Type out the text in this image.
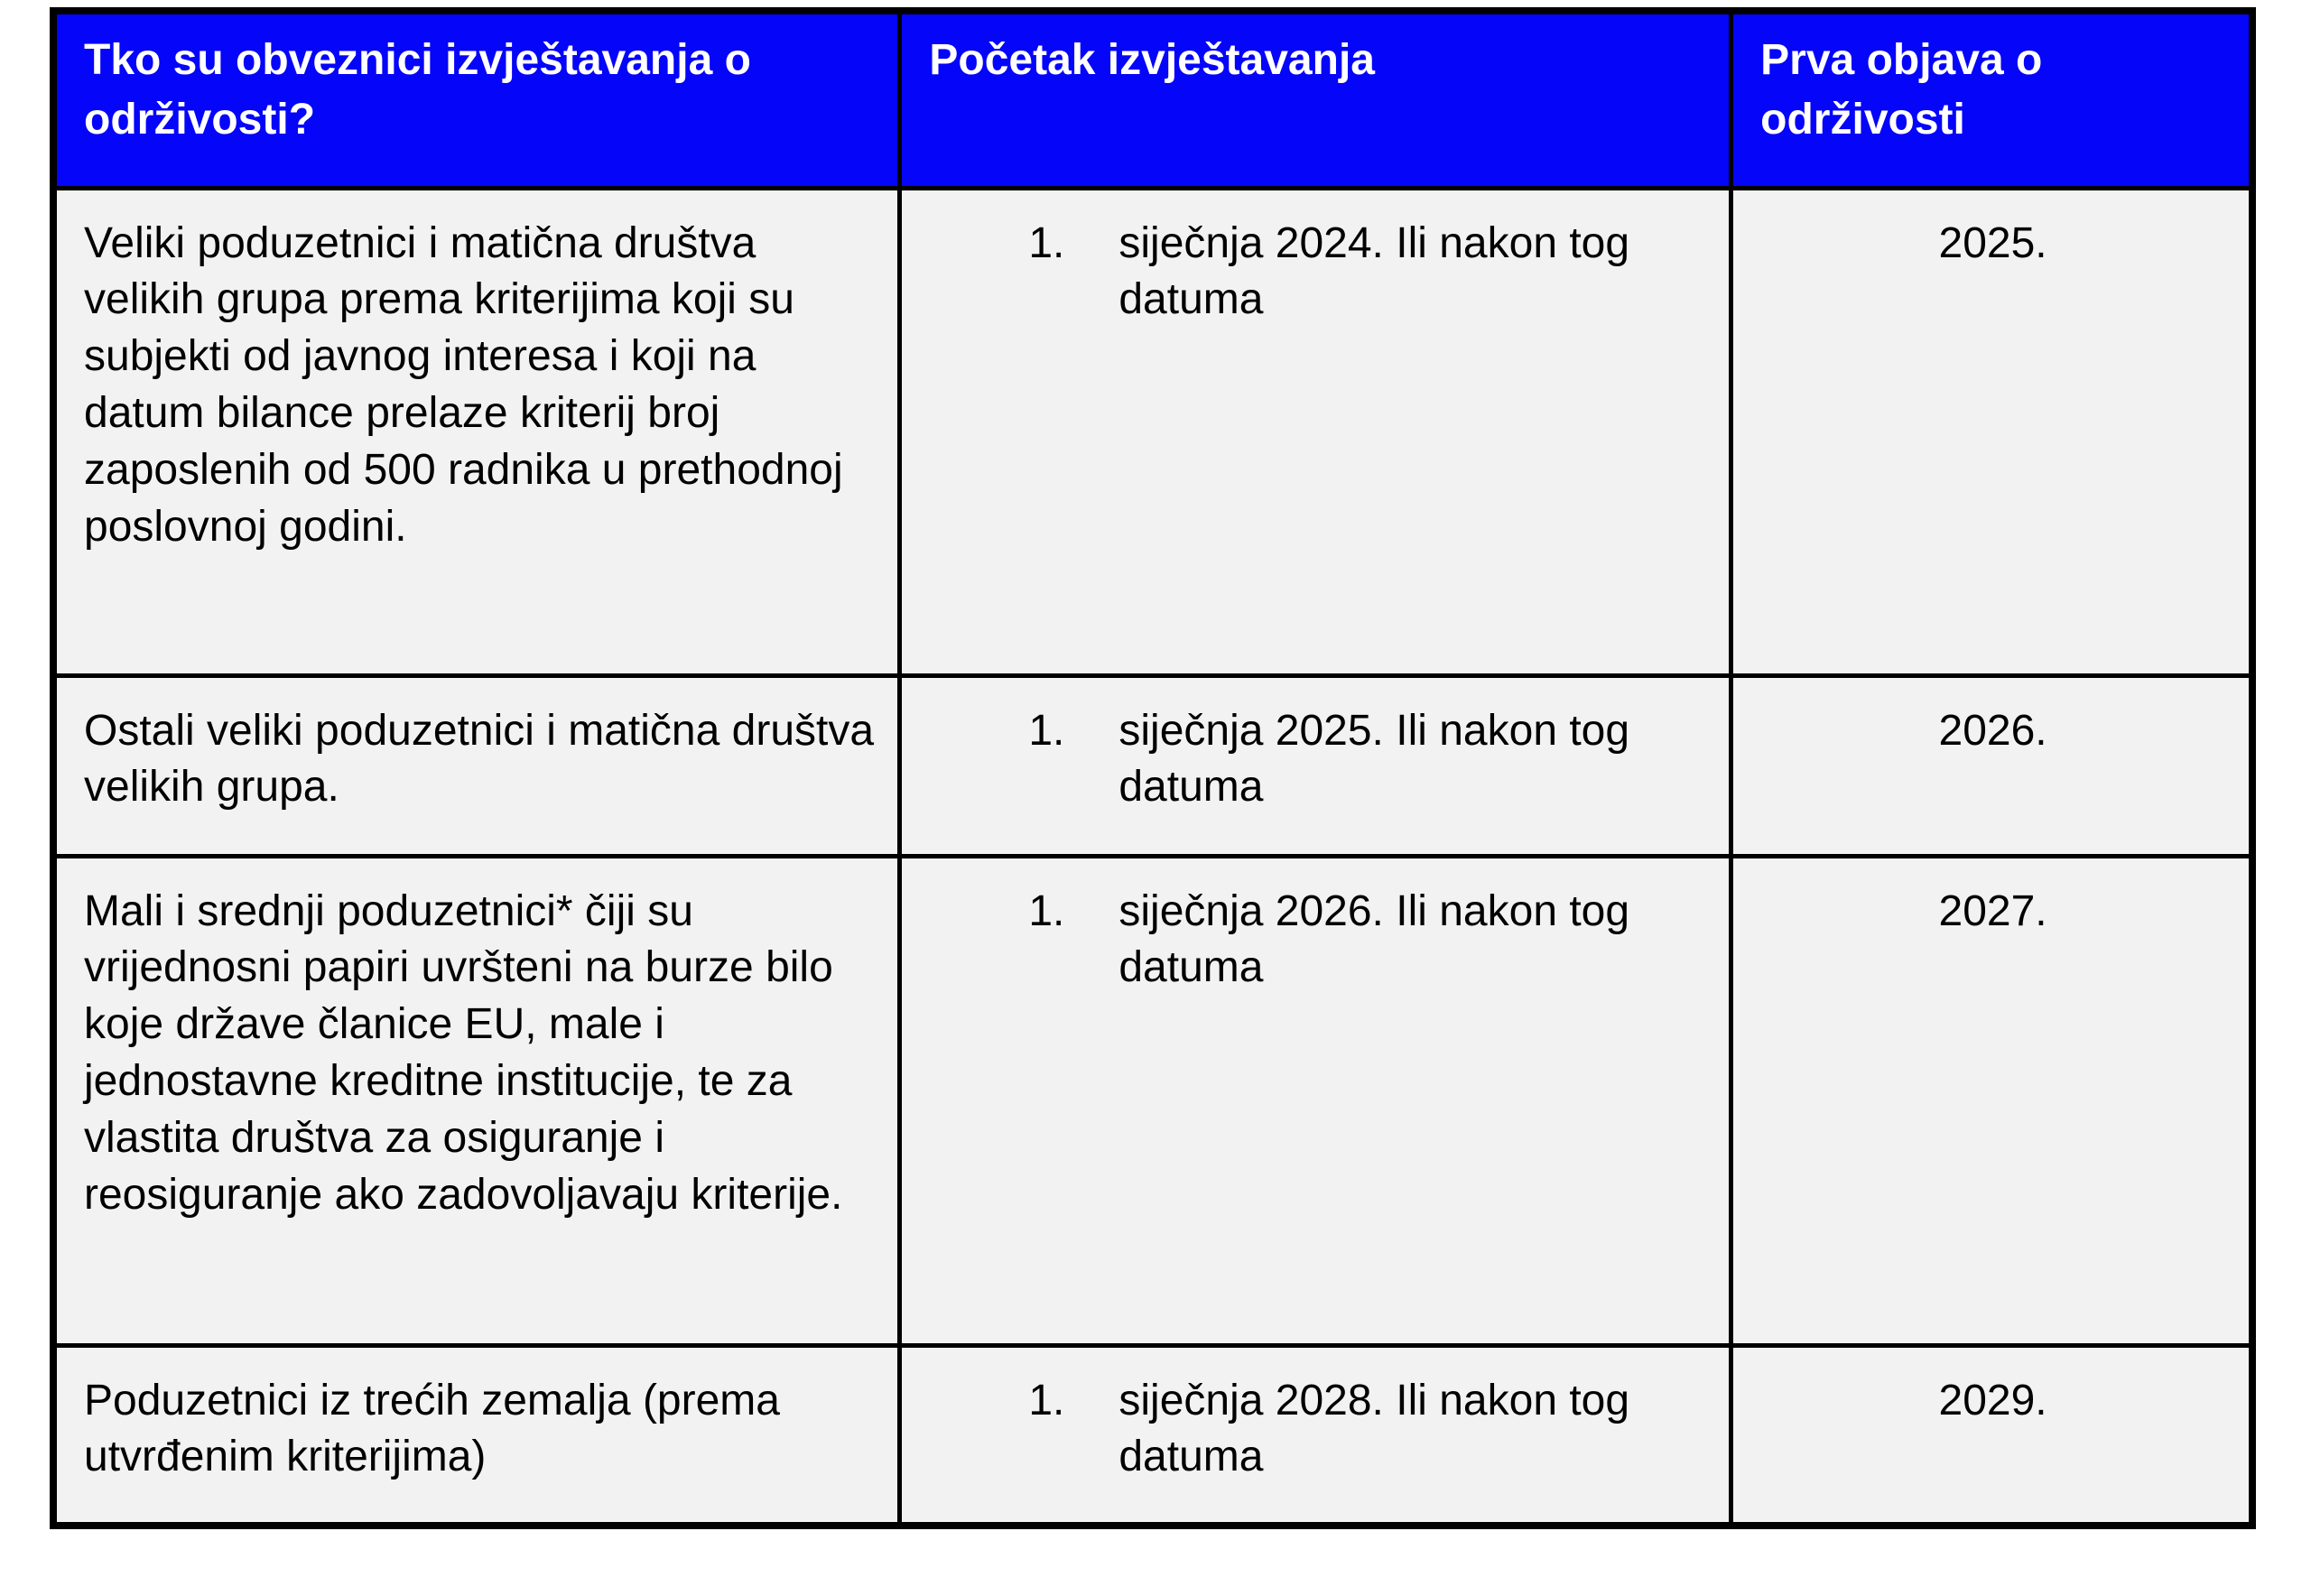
Tko su obveznici izvještavanja o održivosti?	Početak izvještavanja	Prva objava o održivosti
Veliki poduzetnici i matična društva velikih grupa prema kriterijima koji su subjekti od javnog interesa i koji na datum bilance prelaze kriterij broj zaposlenih od 500 radnika u prethodnoj poslovnoj godini.	1. siječnja 2024. Ili nakon tog datuma	2025.
Ostali veliki poduzetnici i matična društva velikih grupa.	1. siječnja 2025. Ili nakon tog datuma	2026.
Mali i srednji poduzetnici* čiji su vrijednosni papiri uvršteni na burze bilo koje države članice EU, male i jednostavne kreditne institucije, te za vlastita društva za osiguranje i reosiguranje ako zadovoljavaju kriterije.	1. siječnja 2026. Ili nakon tog datuma	2027.
Poduzetnici iz trećih zemalja (prema utvrđenim kriterijima)	1. siječnja 2028. Ili nakon tog datuma	2029.
